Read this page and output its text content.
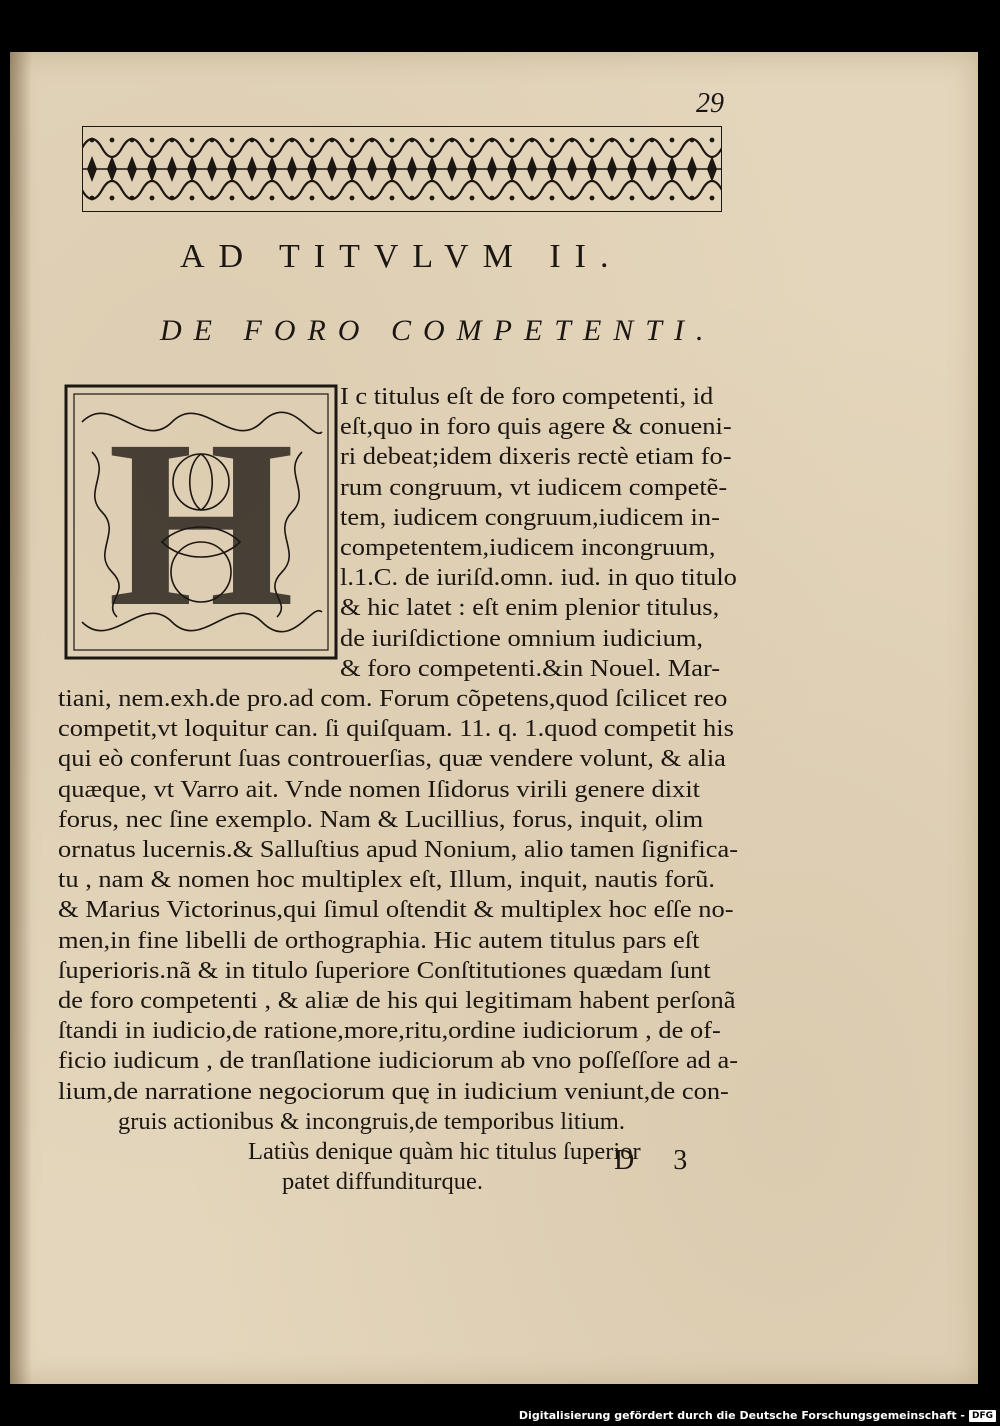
29
AD TITVLVM II.
DE FORO COMPETENTI.
H I c titulus eſt de foro competenti, id
eſt,quo in foro quis agere & conueni-
ri debeat;idem dixeris rectè etiam fo-
rum congruum, vt iudicem competẽ-
tem, iudicem congruum,iudicem in-
competentem,iudicem incongruum,
l.1.C. de iuriſd.omn. iud. in quo titulo
& hic latet : eſt enim plenior titulus,
de iuriſdictione omnium iudicium,
& foro competenti.&in Nouel. Mar-
tiani, nem.exh.de pro.ad com. Forum cõpetens,quod ſcilicet reo
competit,vt loquitur can. ſi quiſquam. 11. q. 1.quod competit his
qui eò conferunt ſuas controuerſias, quæ vendere volunt, & alia
quæque, vt Varro ait. Vnde nomen Iſidorus virili genere dixit
forus, nec ſine exemplo. Nam & Lucillius, forus, inquit, olim
ornatus lucernis.& Salluſtius apud Nonium, alio tamen ſignifica-
tu , nam & nomen hoc multiplex eſt, Illum, inquit, nautis forũ.
& Marius Victorinus,qui ſimul oſtendit & multiplex hoc eſſe no-
men,in fine libelli de orthographia. Hic autem titulus pars eſt
ſuperioris.nã & in titulo ſuperiore Conſtitutiones quædam ſunt
de foro competenti , & aliæ de his qui legitimam habent perſonã
ſtandi in iudicio,de ratione,more,ritu,ordine iudiciorum , de of-
ficio iudicum , de tranſlatione iudiciorum ab vno poſſeſſore ad a-
lium,de narratione negociorum quę in iudicium veniunt,de con-
gruis actionibus & incongruis,de temporibus litium.
Latiùs denique quàm hic titulus ſuperior
patet diffunditurque.
D 3
Digitalisierung gefördert durch die Deutsche Forschungsgemeinschaft - DFG
